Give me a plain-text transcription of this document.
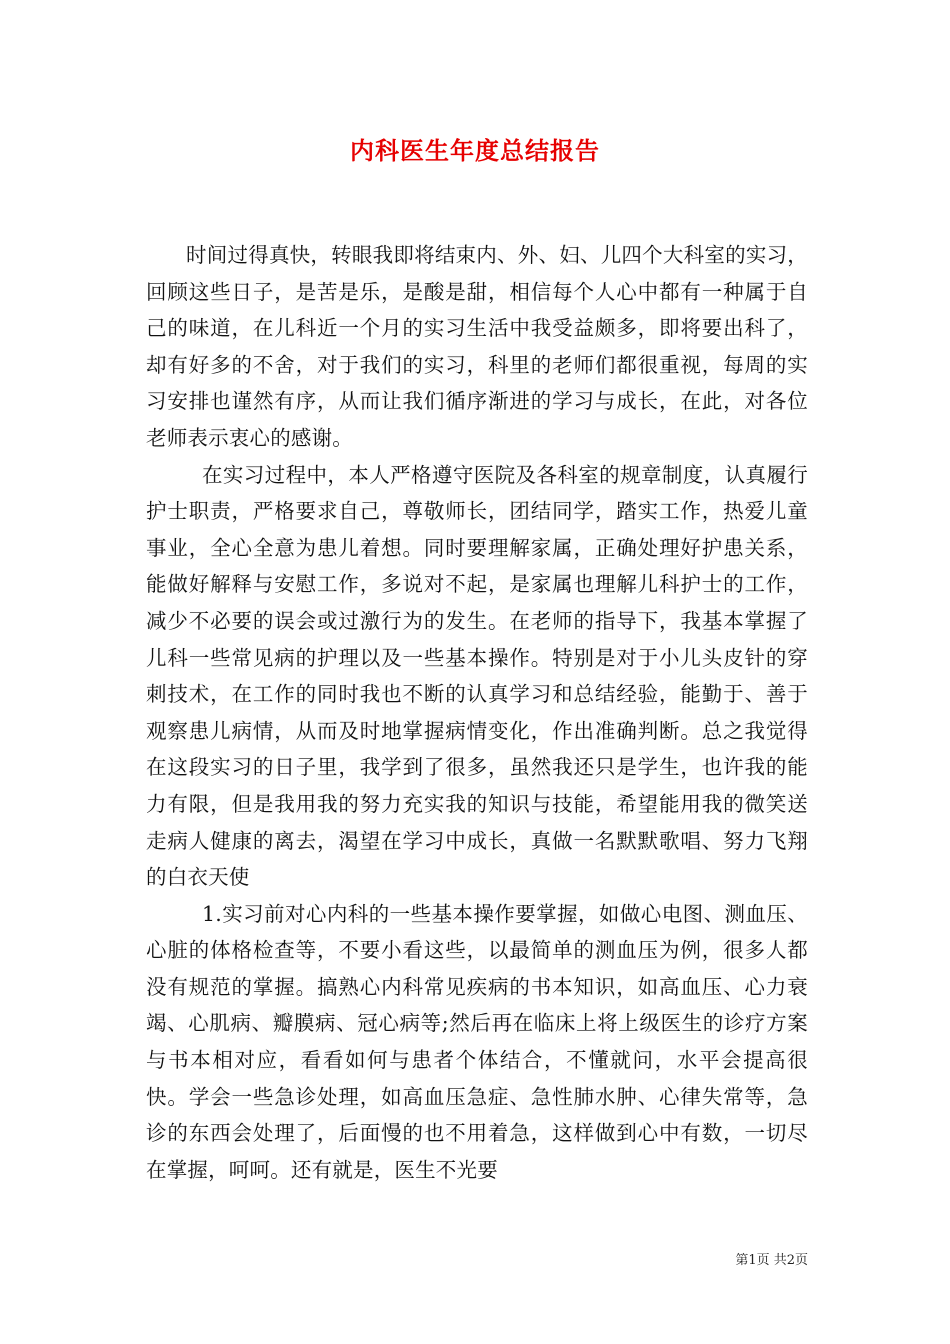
内科医生年度总结报告

时间过得真快，转眼我即将结束内、外、妇、儿四个大科室的实习，回顾这些日子，是苦是乐，是酸是甜，相信每个人心中都有一种属于自己的味道，在儿科近一个月的实习生活中我受益颇多，即将要出科了，却有好多的不舍，对于我们的实习，科里的老师们都很重视，每周的实习安排也谨然有序，从而让我们循序渐进的学习与成长，在此，对各位老师表示衷心的感谢。

在实习过程中，本人严格遵守医院及各科室的规章制度，认真履行护士职责，严格要求自己，尊敬师长，团结同学，踏实工作，热爱儿童事业，全心全意为患儿着想。同时要理解家属，正确处理好护患关系，能做好解释与安慰工作，多说对不起，是家属也理解儿科护士的工作，减少不必要的误会或过激行为的发生。在老师的指导下，我基本掌握了儿科一些常见病的护理以及一些基本操作。特别是对于小儿头皮针的穿刺技术，在工作的同时我也不断的认真学习和总结经验，能勤于、善于观察患儿病情，从而及时地掌握病情变化，作出准确判断。总之我觉得在这段实习的日子里，我学到了很多，虽然我还只是学生，也许我的能力有限，但是我用我的努力充实我的知识与技能，希望能用我的微笑送走病人健康的离去，渴望在学习中成长，真做一名默默歌唱、努力飞翔的白衣天使

1.实习前对心内科的一些基本操作要掌握，如做心电图、测血压、心脏的体格检查等，不要小看这些，以最简单的测血压为例，很多人都没有规范的掌握。搞熟心内科常见疾病的书本知识，如高血压、心力衰竭、心肌病、瓣膜病、冠心病等;然后再在临床上将上级医生的诊疗方案与书本相对应，看看如何与患者个体结合，不懂就问，水平会提高很快。学会一些急诊处理，如高血压急症、急性肺水肿、心律失常等，急诊的东西会处理了，后面慢的也不用着急，这样做到心中有数，一切尽在掌握，呵呵。还有就是，医生不光要

第1页 共2页
